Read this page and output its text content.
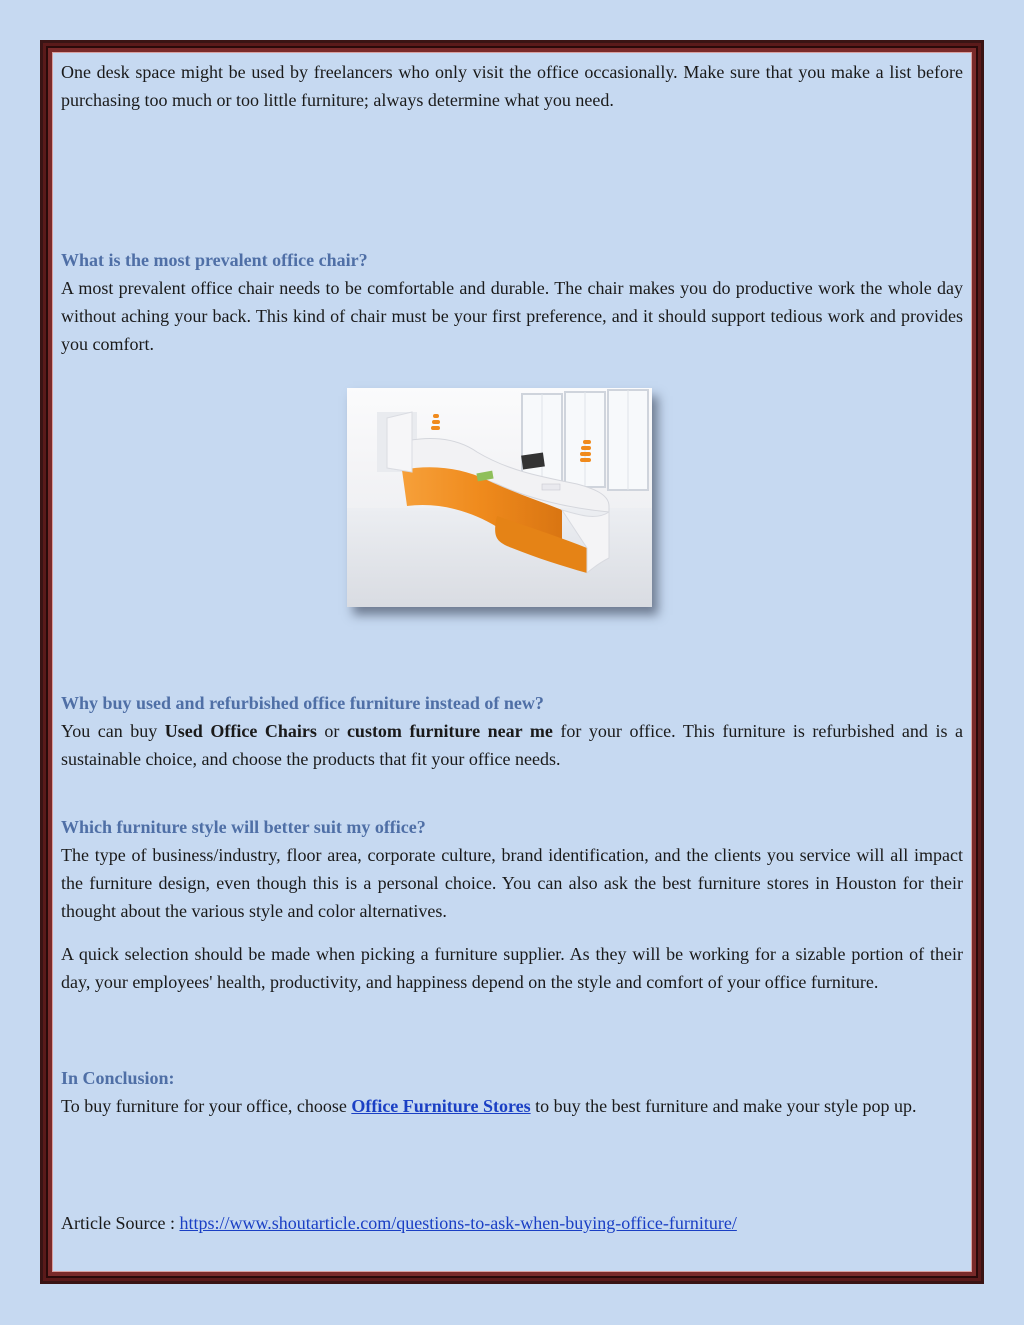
One desk space might be used by freelancers who only visit the office occasionally. Make sure that you make a list before purchasing too much or too little furniture; always determine what you need.

What is the most prevalent office chair?

A most prevalent office chair needs to be comfortable and durable. The chair makes you do productive work the whole day without aching your back. This kind of chair must be your first preference, and it should support tedious work and provides you comfort.

Why buy used and refurbished office furniture instead of new?

You can buy Used Office Chairs or custom furniture near me for your office. This furniture is refurbished and is a sustainable choice, and choose the products that fit your office needs.

Which furniture style will better suit my office?

The type of business/industry, floor area, corporate culture, brand identification, and the clients you service will all impact the furniture design, even though this is a personal choice. You can also ask the best furniture stores in Houston for their thought about the various style and color alternatives.

A quick selection should be made when picking a furniture supplier. As they will be working for a sizable portion of their day, your employees' health, productivity, and happiness depend on the style and comfort of your office furniture.

In Conclusion:

To buy furniture for your office, choose Office Furniture Stores to buy the best furniture and make your style pop up.

Article Source : https://www.shoutarticle.com/questions-to-ask-when-buying-office-furniture/
